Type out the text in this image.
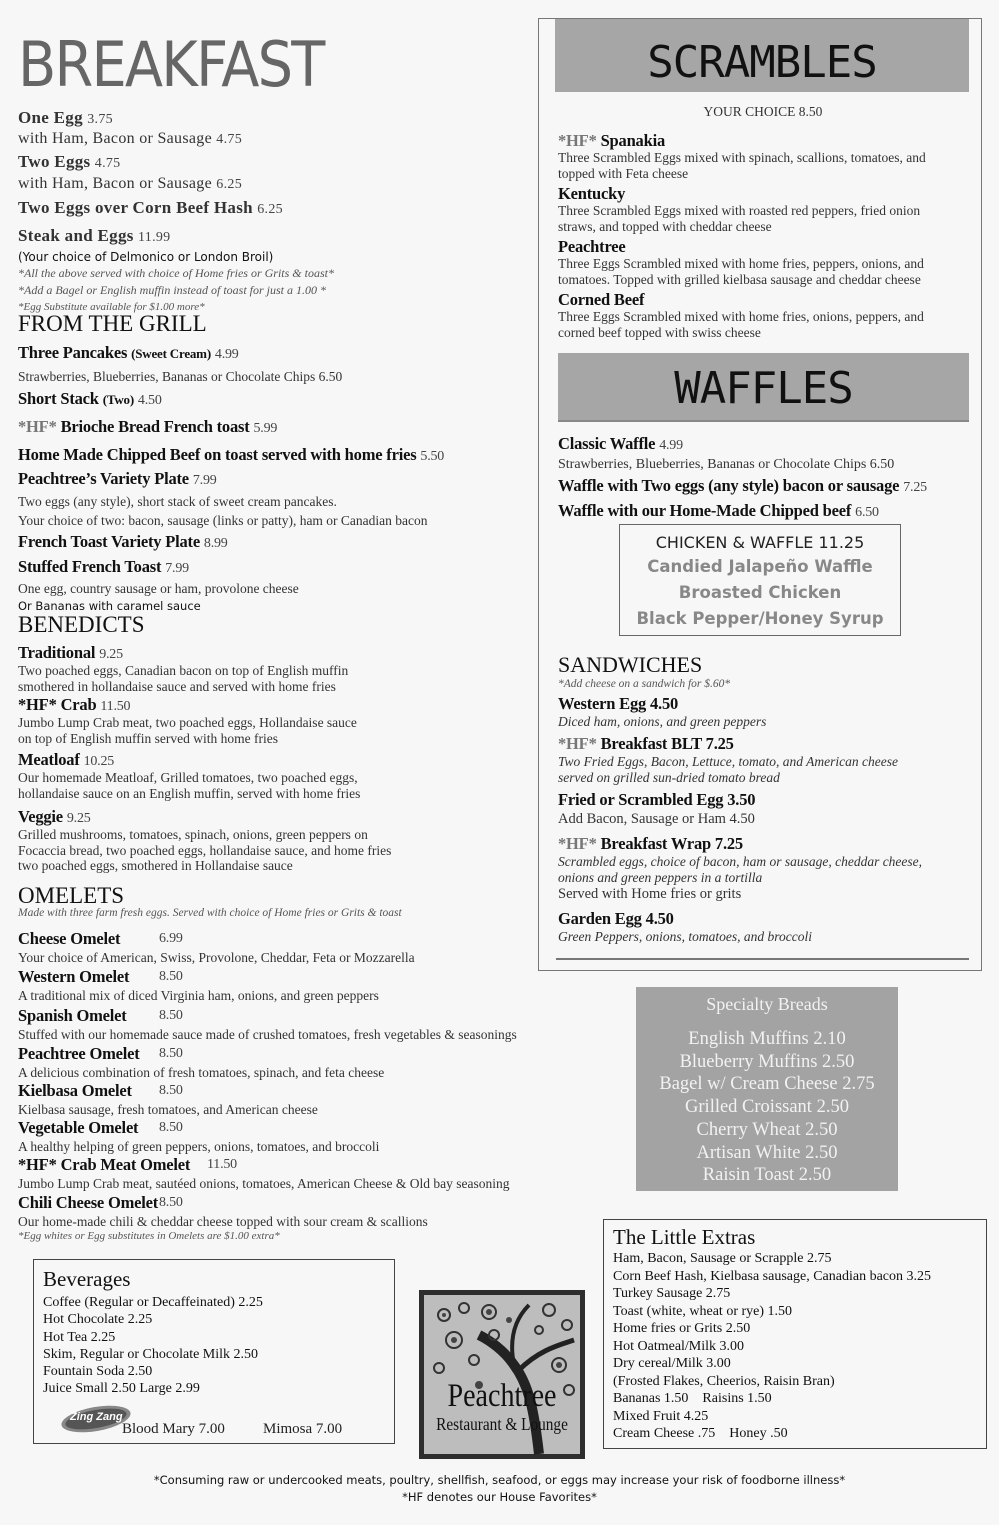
BREAKFAST
One Egg 3.75
with Ham, Bacon or Sausage 4.75
Two Eggs 4.75
with Ham, Bacon or Sausage 6.25
Two Eggs over Corn Beef Hash 6.25
Steak and Eggs 11.99
(Your choice of Delmonico or London Broil)
*All the above served with choice of Home fries or Grits & toast*
*Add a Bagel or English muffin instead of toast for just a 1.00 *
*Egg Substitute available for $1.00 more*
FROM THE GRILL
Three Pancakes (Sweet Cream) 4.99
Strawberries, Blueberries, Bananas or Chocolate Chips 6.50
Short Stack (Two) 4.50
*HF* Brioche Bread French toast 5.99
Home Made Chipped Beef on toast served with home fries 5.50
Peachtree’s Variety Plate 7.99
Two eggs (any style), short stack of sweet cream pancakes.
Your choice of two: bacon, sausage (links or patty), ham or Canadian bacon
French Toast Variety Plate 8.99
Stuffed French Toast 7.99
One egg, country sausage or ham, provolone cheese
Or Bananas with caramel sauce
BENEDICTS
Traditional 9.25
Two poached eggs, Canadian bacon on top of English muffin
smothered in hollandaise sauce and served with home fries
*HF* Crab 11.50
Jumbo Lump Crab meat, two poached eggs, Hollandaise sauce
on top of English muffin served with home fries
Meatloaf 10.25
Our homemade Meatloaf, Grilled tomatoes, two poached eggs,
hollandaise sauce on an English muffin, served with home fries
Veggie 9.25
Grilled mushrooms, tomatoes, spinach, onions, green peppers on
Focaccia bread, two poached eggs, hollandaise sauce, and home fries
two poached eggs, smothered in Hollandaise sauce
OMELETS
Made with three farm fresh eggs. Served with choice of Home fries or Grits & toast
Cheese Omelet	6.99
Your choice of American, Swiss, Provolone, Cheddar, Feta or Mozzarella
Western Omelet 8.50
A traditional mix of diced Virginia ham, onions, and green peppers
Spanish Omelet 8.50
Stuffed with our homemade sauce made of crushed tomatoes, fresh vegetables & seasonings
Peachtree Omelet 8.50
A delicious combination of fresh tomatoes, spinach, and feta cheese
Kielbasa Omelet 8.50
Kielbasa sausage, fresh tomatoes, and American cheese
Vegetable Omelet 8.50
A healthy helping of green peppers, onions, tomatoes, and broccoli
*HF* Crab Meat Omelet 11.50
Jumbo Lump Crab meat, sautéed onions, tomatoes, American Cheese & Old bay seasoning
Chili Cheese Omelet 8.50
Our home-made chili & cheddar cheese topped with sour cream & scallions
*Egg whites or Egg substitutes in Omelets are $1.00 extra*
SCRAMBLES
YOUR CHOICE 8.50
*HF* Spanakia
Three Scrambled Eggs mixed with spinach, scallions, tomatoes, and
topped with Feta cheese
Kentucky
Three Scrambled Eggs mixed with roasted red peppers, fried onion
straws, and topped with cheddar cheese
Peachtree
Three Eggs Scrambled mixed with home fries, peppers, onions, and
tomatoes. Topped with grilled kielbasa sausage and cheddar cheese
Corned Beef
Three Eggs Scrambled mixed with home fries, onions, peppers, and
corned beef topped with swiss cheese
WAFFLES
Classic Waffle 4.99
Strawberries, Blueberries, Bananas or Chocolate Chips 6.50
Waffle with Two eggs (any style) bacon or sausage 7.25
Waffle with our Home-Made Chipped beef 6.50
CHICKEN & WAFFLE 11.25
Candied Jalapeño Waffle
Broasted Chicken
Black Pepper/Honey Syrup
SANDWICHES
*Add cheese on a sandwich for $.60*
Western Egg 4.50
Diced ham, onions, and green peppers
*HF* Breakfast BLT 7.25
Two Fried Eggs, Bacon, Lettuce, tomato, and American cheese
served on grilled sun-dried tomato bread
Fried or Scrambled Egg 3.50
Add Bacon, Sausage or Ham 4.50
*HF* Breakfast Wrap 7.25
Scrambled eggs, choice of bacon, ham or sausage, cheddar cheese,
onions and green peppers in a tortilla
Served with Home fries or grits
Garden Egg 4.50
Green Peppers, onions, tomatoes, and broccoli
Specialty Breads
English Muffins 2.10
Blueberry Muffins 2.50
Bagel w/ Cream Cheese 2.75
Grilled Croissant 2.50
Cherry Wheat 2.50
Artisan White 2.50
Raisin Toast 2.50
The Little Extras
Ham, Bacon, Sausage or Scrapple 2.75
Corn Beef Hash, Kielbasa sausage, Canadian bacon 3.25
Turkey Sausage 2.75
Toast (white, wheat or rye) 1.50
Home fries or Grits 2.50
Hot Oatmeal/Milk 3.00
Dry cereal/Milk 3.00
(Frosted Flakes, Cheerios, Raisin Bran)
Bananas 1.50    Raisins 1.50
Mixed Fruit 4.25
Cream Cheese .75    Honey .50
Beverages
Coffee (Regular or Decaffeinated) 2.25
Hot Chocolate 2.25
Hot Tea 2.25
Skim, Regular or Chocolate Milk 2.50
Fountain Soda 2.50
Juice Small 2.50 Large 2.99
Zing Zang
Blood Mary 7.00	Mimosa 7.00
Peachtree
Restaurant & Lounge
*Consuming raw or undercooked meats, poultry, shellfish, seafood, or eggs may increase your risk of foodborne illness*
*HF denotes our House Favorites*
